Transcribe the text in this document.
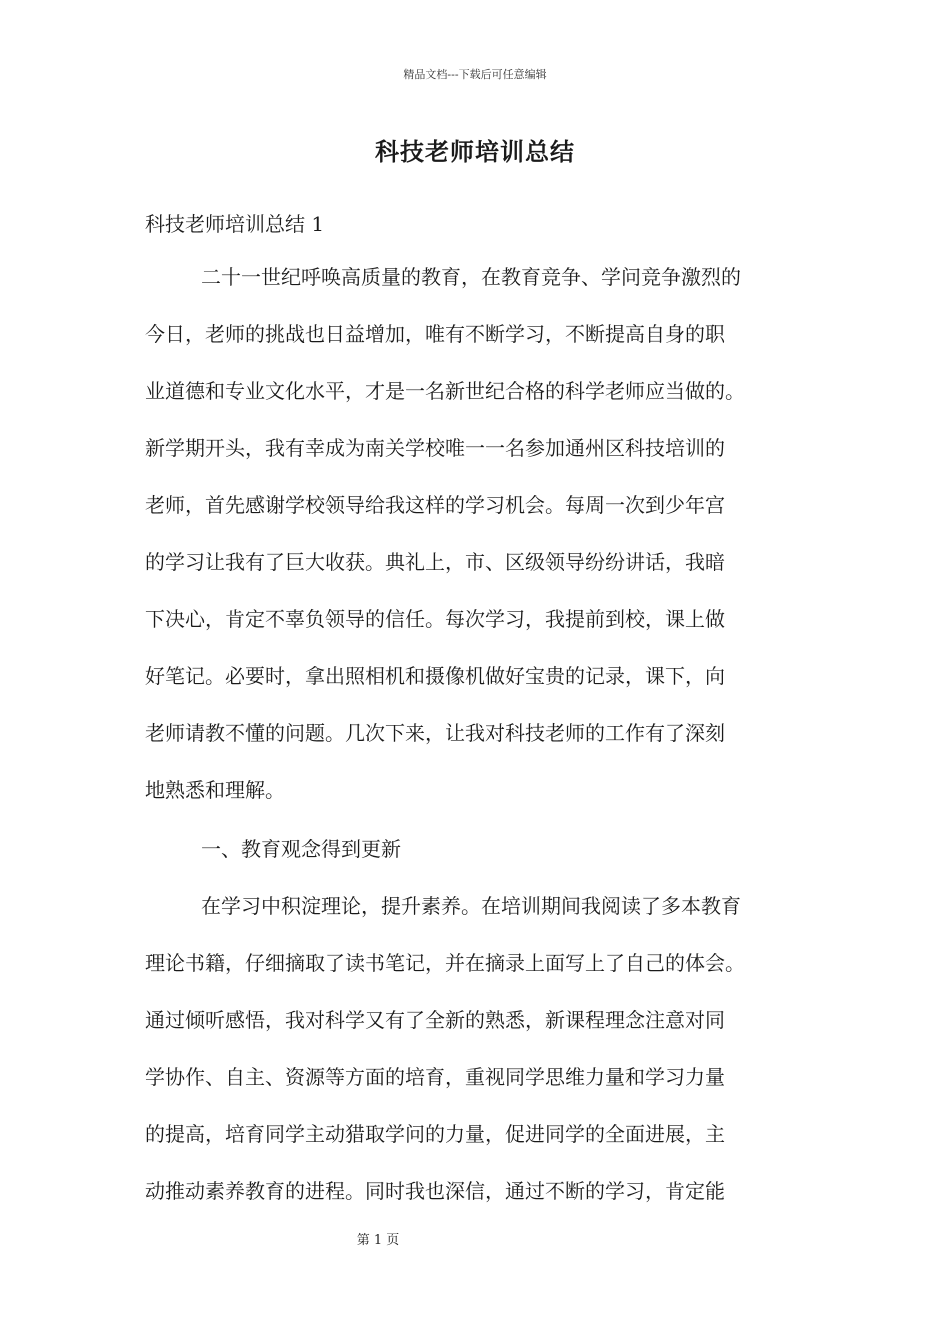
精品文档---下载后可任意编辑
科技老师培训总结
科技老师培训总结 1
二十一世纪呼唤高质量的教育，在教育竞争、学问竞争激烈的
今日，老师的挑战也日益增加，唯有不断学习，不断提高自身的职
业道德和专业文化水平，才是一名新世纪合格的科学老师应当做的。
新学期开头，我有幸成为南关学校唯一一名参加通州区科技培训的
老师，首先感谢学校领导给我这样的学习机会。每周一次到少年宫
的学习让我有了巨大收获。典礼上，市、区级领导纷纷讲话，我暗
下决心，肯定不辜负领导的信任。每次学习，我提前到校，课上做
好笔记。必要时，拿出照相机和摄像机做好宝贵的记录，课下，向
老师请教不懂的问题。几次下来，让我对科技老师的工作有了深刻
地熟悉和理解。
一、教育观念得到更新
在学习中积淀理论，提升素养。在培训期间我阅读了多本教育
理论书籍，仔细摘取了读书笔记，并在摘录上面写上了自己的体会。
通过倾听感悟，我对科学又有了全新的熟悉，新课程理念注意对同
学协作、自主、资源等方面的培育，重视同学思维力量和学习力量
的提高，培育同学主动猎取学问的力量，促进同学的全面进展，主
动推动素养教育的进程。同时我也深信，通过不断的学习，肯定能
第 1 页
